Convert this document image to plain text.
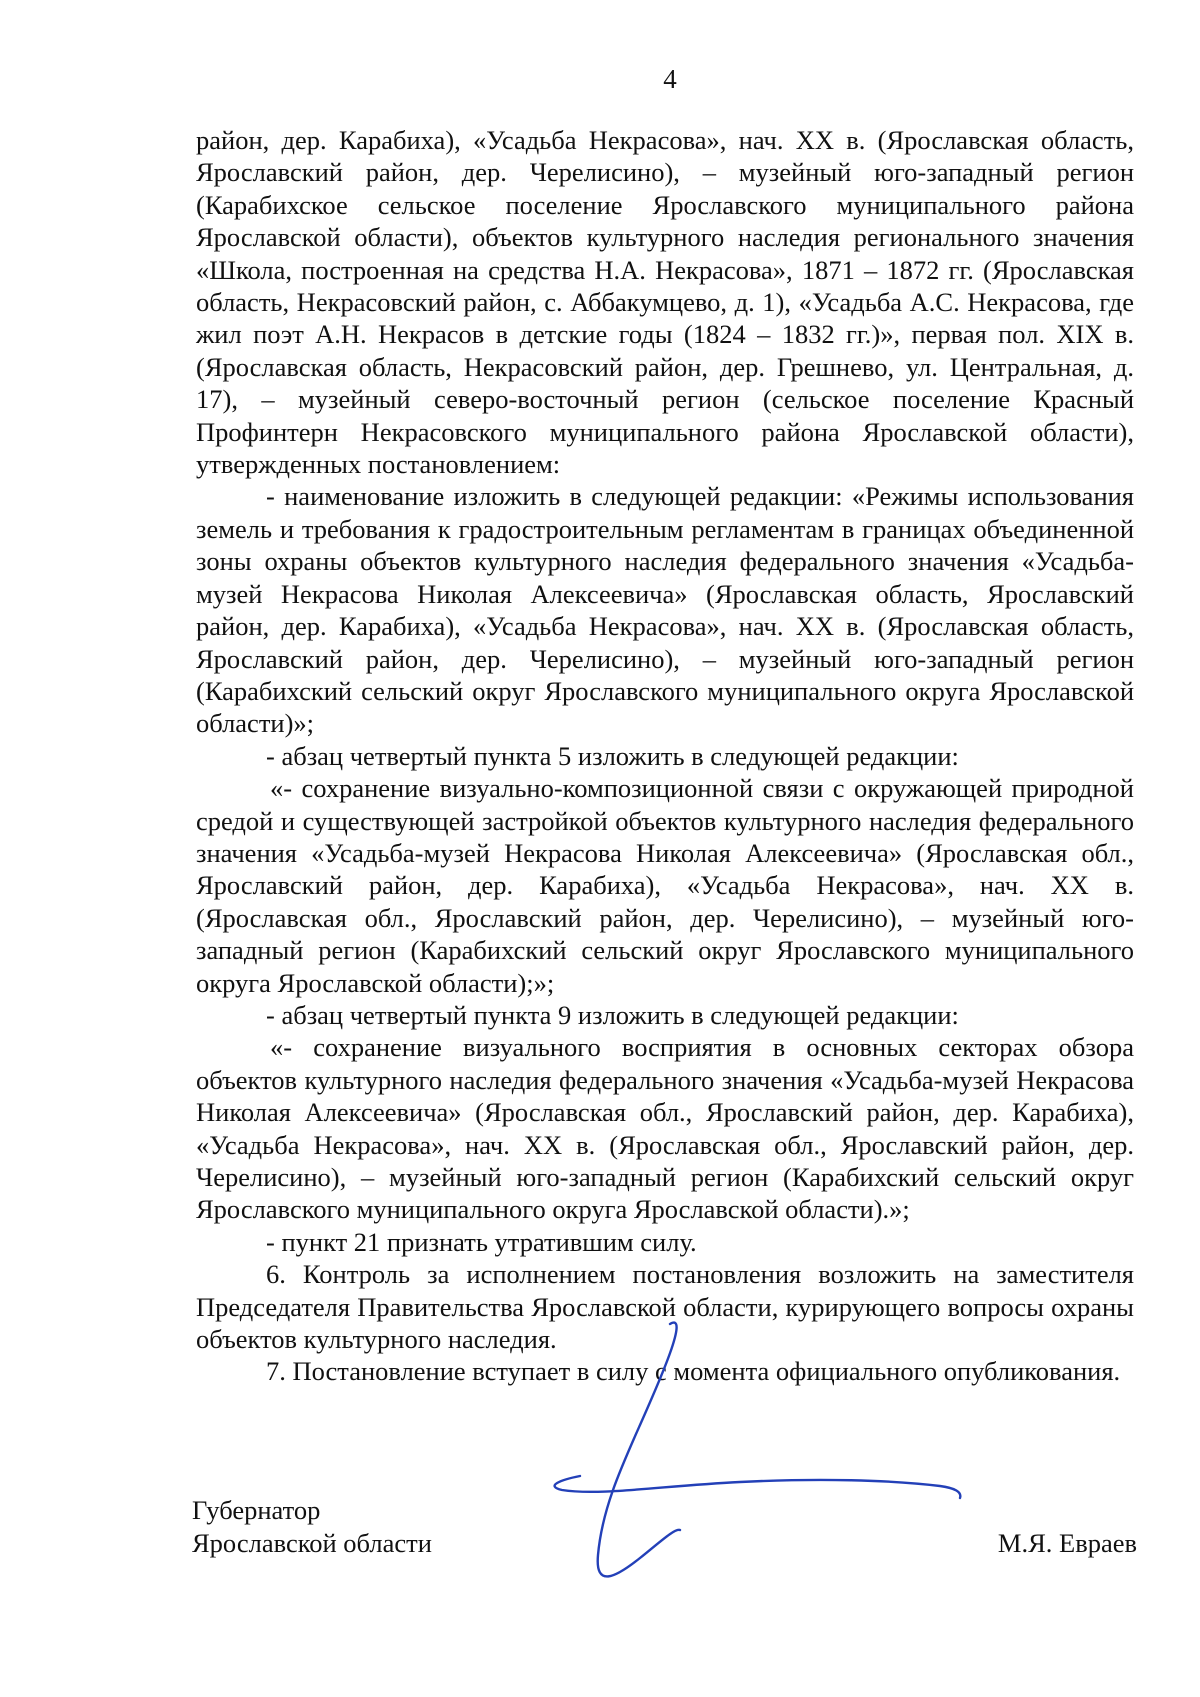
4

район, дер. Карабиха), «Усадьба Некрасова», нач. XX в. (Ярославская область, Ярославский район, дер. Черелисино), – музейный юго-западный регион (Карабихское сельское поселение Ярославского муниципального района Ярославской области), объектов культурного наследия регионального значения «Школа, построенная на средства Н.А. Некрасова», 1871 – 1872 гг. (Ярославская область, Некрасовский район, с. Аббакумцево, д. 1), «Усадьба А.С. Некрасова, где жил поэт А.Н. Некрасов в детские годы (1824 – 1832 гг.)», первая пол. XIX в. (Ярославская область, Некрасовский район, дер. Грешнево, ул. Центральная, д. 17), – музейный северо-восточный регион (сельское поселение Красный Профинтерн Некрасовского муниципального района Ярославской области), утвержденных постановлением:

- наименование изложить в следующей редакции: «Режимы использования земель и требования к градостроительным регламентам в границах объединенной зоны охраны объектов культурного наследия федерального значения «Усадьба-музей Некрасова Николая Алексеевича» (Ярославская область, Ярославский район, дер. Карабиха), «Усадьба Некрасова», нач. XX в. (Ярославская область, Ярославский район, дер. Черелисино), – музейный юго-западный регион (Карабихский сельский округ Ярославского муниципального округа Ярославской области)»;

- абзац четвертый пункта 5 изложить в следующей редакции:

«- сохранение визуально-композиционной связи с окружающей природной средой и существующей застройкой объектов культурного наследия федерального значения «Усадьба-музей Некрасова Николая Алексеевича» (Ярославская обл., Ярославский район, дер. Карабиха), «Усадьба Некрасова», нач. XX в. (Ярославская обл., Ярославский район, дер. Черелисино), – музейный юго-западный регион (Карабихский сельский округ Ярославского муниципального округа Ярославской области);»;

- абзац четвертый пункта 9 изложить в следующей редакции:

«- сохранение визуального восприятия в основных секторах обзора объектов культурного наследия федерального значения «Усадьба-музей Некрасова Николая Алексеевича» (Ярославская обл., Ярославский район, дер. Карабиха), «Усадьба Некрасова», нач. XX в. (Ярославская обл., Ярославский район, дер. Черелисино), – музейный юго-западный регион (Карабихский сельский округ Ярославского муниципального округа Ярославской области).»;

- пункт 21 признать утратившим силу.

6. Контроль за исполнением постановления возложить на заместителя Председателя Правительства Ярославской области, курирующего вопросы охраны объектов культурного наследия.

7. Постановление вступает в силу с момента официального опубликования.

Губернатор
Ярославской области	М.Я. Евраев
